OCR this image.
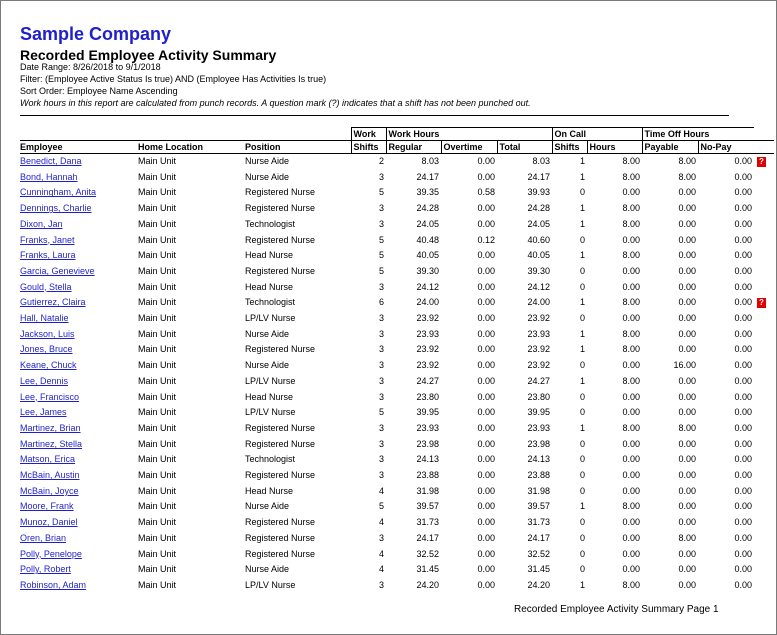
Sample Company
Recorded Employee Activity Summary
Date Range: 8/26/2018 to 9/1/2018
Filter: (Employee Active Status Is true) AND (Employee Has Activities Is true)
Sort Order: Employee Name Ascending
Work hours in this report are calculated from punch records. A question mark (?) indicates that a shift has not been punched out.
			Work	Work Hours			On Call		Time Off Hours		
Employee	Home Location	Position	Shifts	Regular	Overtime	Total	Shifts	Hours	Payable	No-Pay	
Benedict, Dana	Main Unit	Nurse Aide	2	8.03	0.00	8.03	1	8.00	8.00	0.00	?
Bond, Hannah	Main Unit	Nurse Aide	3	24.17	0.00	24.17	1	8.00	8.00	0.00	
Cunningham, Anita	Main Unit	Registered Nurse	5	39.35	0.58	39.93	0	0.00	0.00	0.00	
Dennings, Charlie	Main Unit	Registered Nurse	3	24.28	0.00	24.28	1	8.00	0.00	0.00	
Dixon, Jan	Main Unit	Technologist	3	24.05	0.00	24.05	1	8.00	0.00	0.00	
Franks, Janet	Main Unit	Registered Nurse	5	40.48	0.12	40.60	0	0.00	0.00	0.00	
Franks, Laura	Main Unit	Head Nurse	5	40.05	0.00	40.05	1	8.00	0.00	0.00	
Garcia, Genevieve	Main Unit	Registered Nurse	5	39.30	0.00	39.30	0	0.00	0.00	0.00	
Gould, Stella	Main Unit	Head Nurse	3	24.12	0.00	24.12	0	0.00	0.00	0.00	
Gutierrez, Claira	Main Unit	Technologist	6	24.00	0.00	24.00	1	8.00	0.00	0.00	?
Hall, Natalie	Main Unit	LP/LV Nurse	3	23.92	0.00	23.92	0	0.00	0.00	0.00	
Jackson, Luis	Main Unit	Nurse Aide	3	23.93	0.00	23.93	1	8.00	0.00	0.00	
Jones, Bruce	Main Unit	Registered Nurse	3	23.92	0.00	23.92	1	8.00	0.00	0.00	
Keane, Chuck	Main Unit	Nurse Aide	3	23.92	0.00	23.92	0	0.00	16.00	0.00	
Lee, Dennis	Main Unit	LP/LV Nurse	3	24.27	0.00	24.27	1	8.00	0.00	0.00	
Lee, Francisco	Main Unit	Head Nurse	3	23.80	0.00	23.80	0	0.00	0.00	0.00	
Lee, James	Main Unit	LP/LV Nurse	5	39.95	0.00	39.95	0	0.00	0.00	0.00	
Martinez, Brian	Main Unit	Registered Nurse	3	23.93	0.00	23.93	1	8.00	8.00	0.00	
Martinez, Stella	Main Unit	Registered Nurse	3	23.98	0.00	23.98	0	0.00	0.00	0.00	
Matson, Erica	Main Unit	Technologist	3	24.13	0.00	24.13	0	0.00	0.00	0.00	
McBain, Austin	Main Unit	Registered Nurse	3	23.88	0.00	23.88	0	0.00	0.00	0.00	
McBain, Joyce	Main Unit	Head Nurse	4	31.98	0.00	31.98	0	0.00	0.00	0.00	
Moore, Frank	Main Unit	Nurse Aide	5	39.57	0.00	39.57	1	8.00	0.00	0.00	
Munoz, Daniel	Main Unit	Registered Nurse	4	31.73	0.00	31.73	0	0.00	0.00	0.00	
Oren, Brian	Main Unit	Registered Nurse	3	24.17	0.00	24.17	0	0.00	8.00	0.00	
Polly, Penelope	Main Unit	Registered Nurse	4	32.52	0.00	32.52	0	0.00	0.00	0.00	
Polly, Robert	Main Unit	Nurse Aide	4	31.45	0.00	31.45	0	0.00	0.00	0.00	
Robinson, Adam	Main Unit	LP/LV Nurse	3	24.20	0.00	24.20	1	8.00	0.00	0.00	
Recorded Employee Activity Summary Page 1
